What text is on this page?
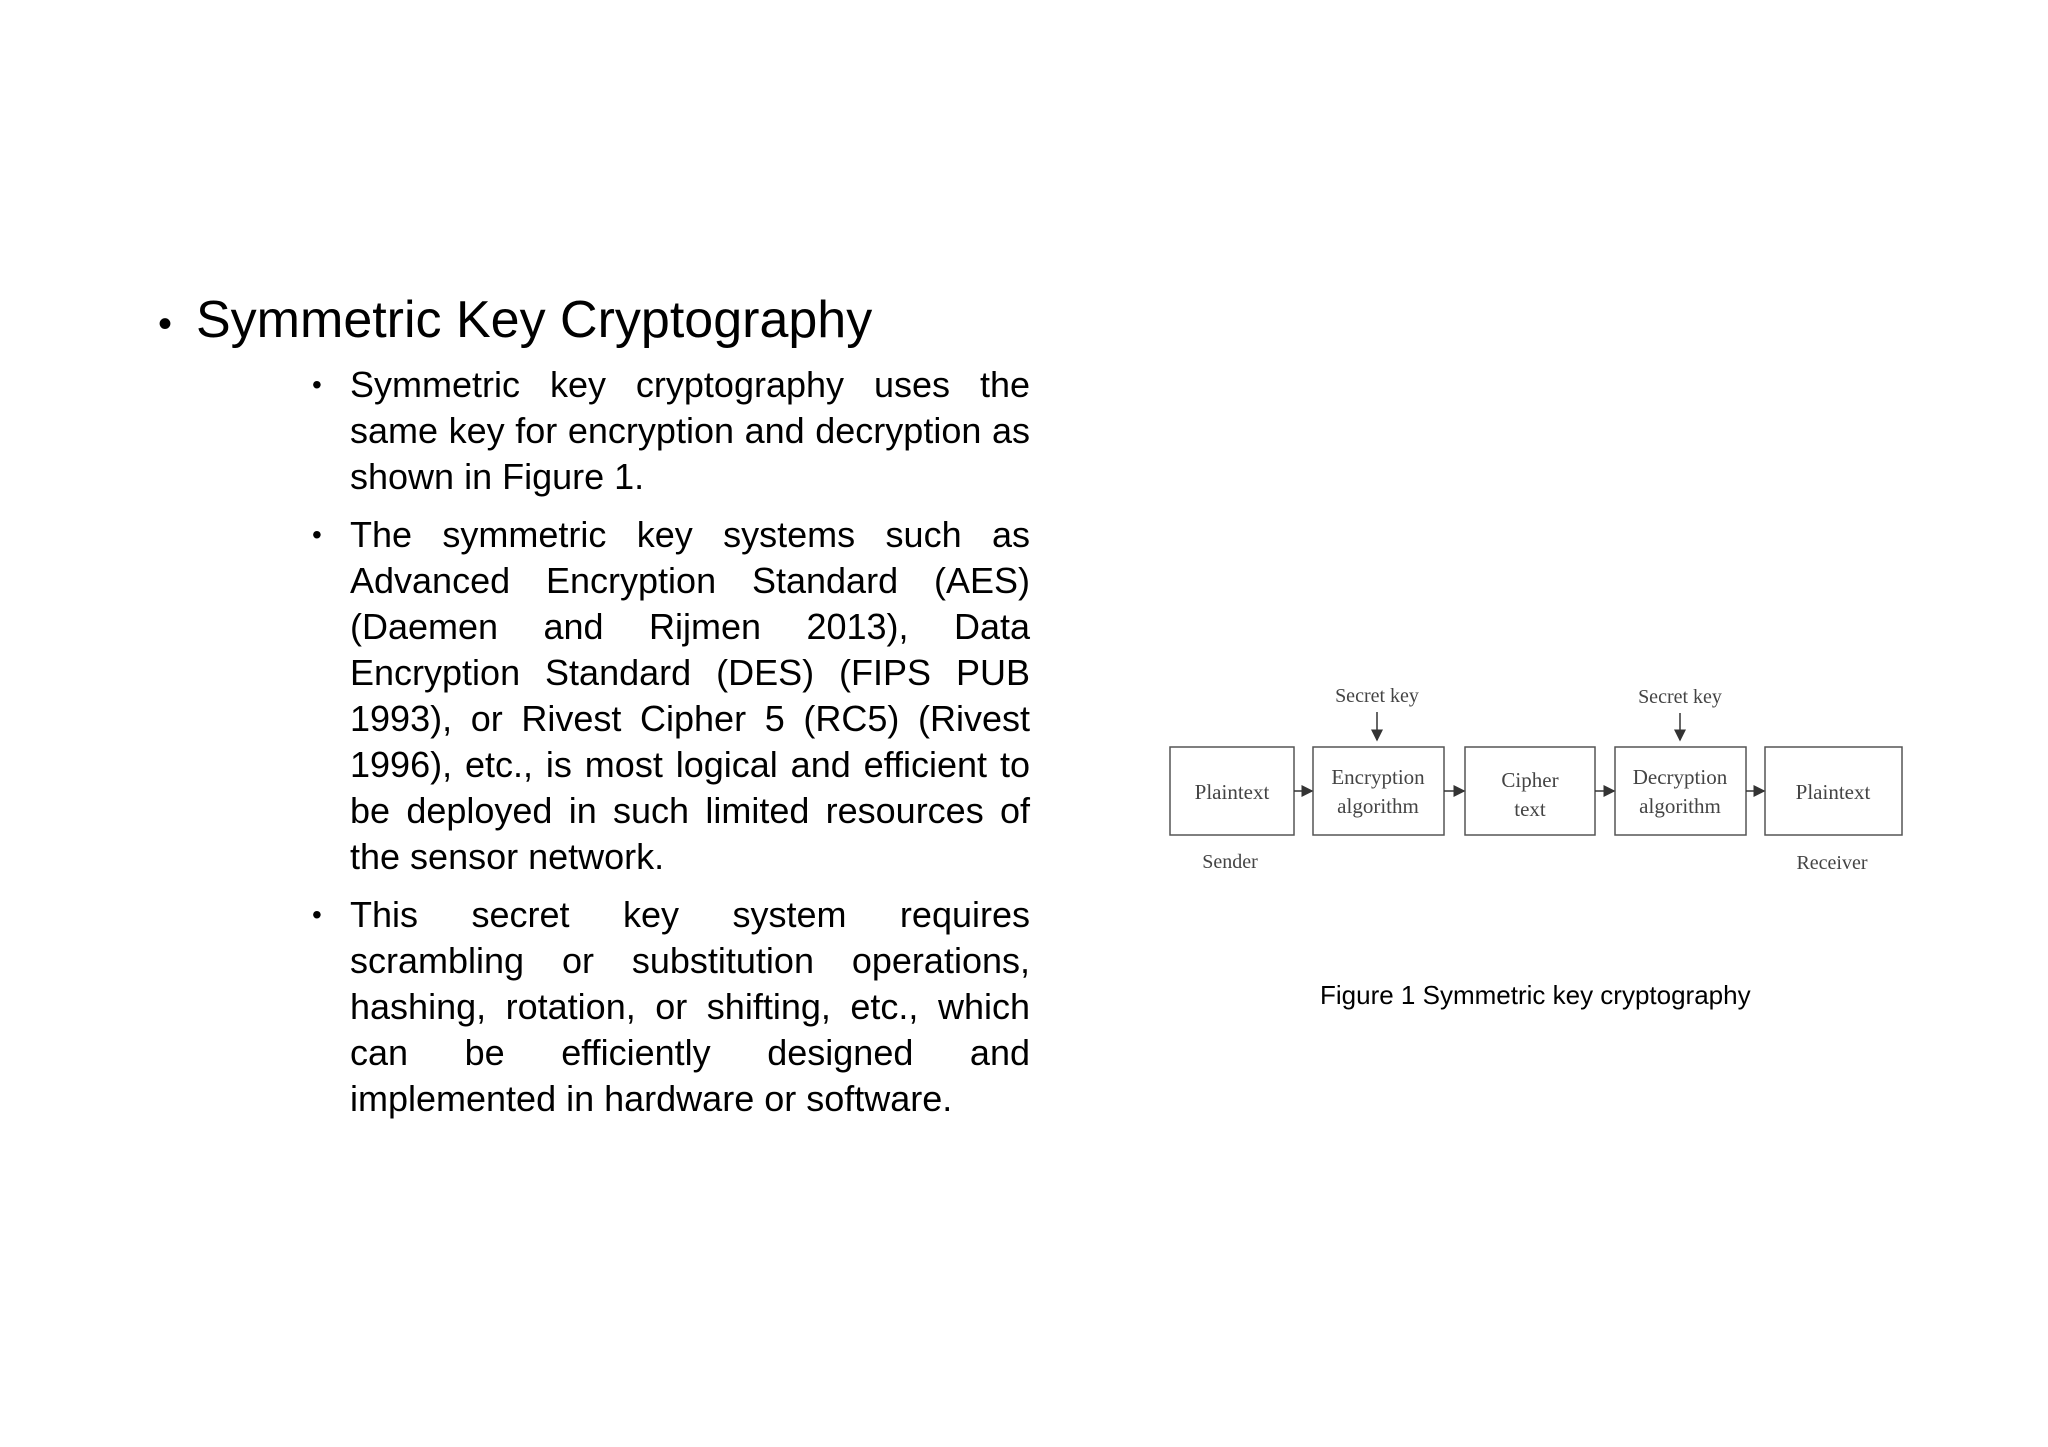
• Symmetric Key Cryptography
• Symmetric key cryptography uses the same key for encryption and decryption as shown in Figure 1.
• The symmetric key systems such as Advanced Encryption Standard (AES) (Daemen and Rijmen 2013), Data Encryption Standard (DES) (FIPS PUB 1993), or Rivest Cipher 5 (RC5) (Rivest 1996), etc., is most logical and efficient to be deployed in such limited resources of the sensor network.
• This secret key system requires scrambling or substitution operations, hashing, rotation, or shifting, etc., which can be efficiently designed and implemented in hardware or software.
Secret key	Secret key
Plaintext
Encryption
algorithm
Cipher
text
Decryption
algorithm
Plaintext
Sender	Receiver
Figure 1 Symmetric key cryptography
